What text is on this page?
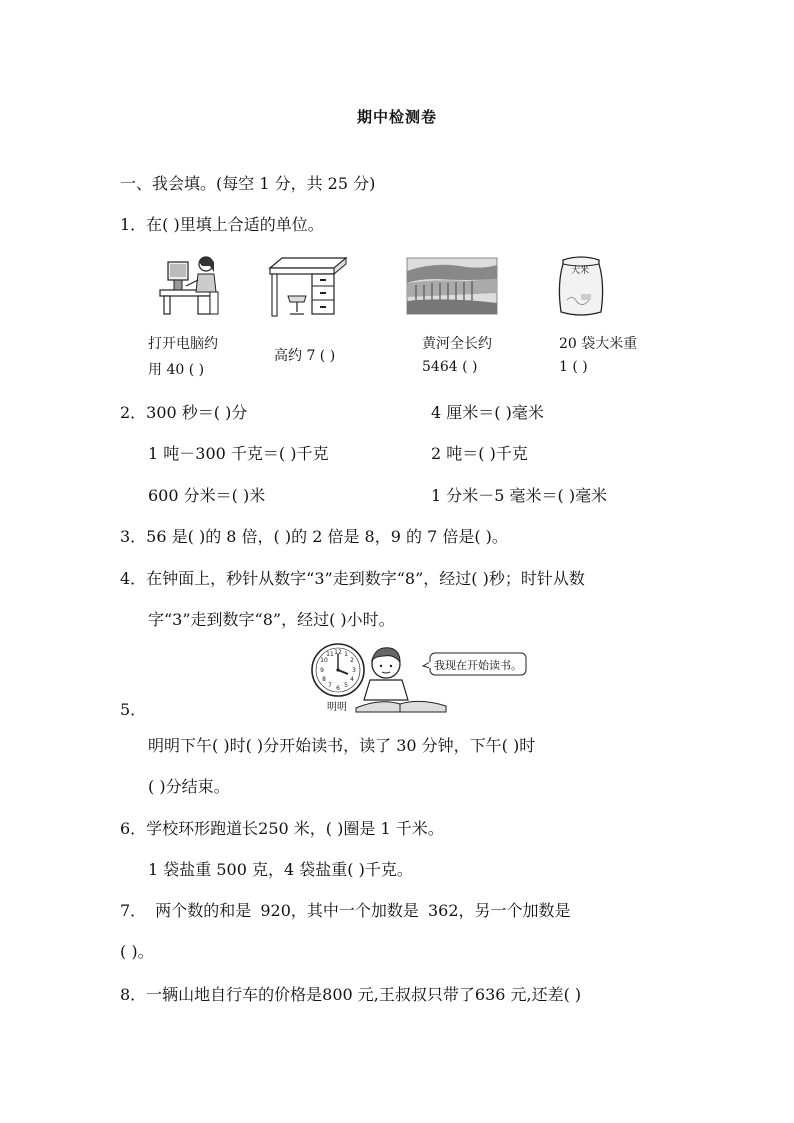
期中检测卷
一、我会填。(每空 1 分，共 25 分)
1．在( )里填上合适的单位。
大米
打开电脑约
用 40 ( )
高约 7 ( )
黄河全长约
5464 ( )
20 袋大米重
1 ( )
2．300 秒＝( )分	4 厘米＝( )毫米
1 吨－300 千克＝( )千克	2 吨＝( )千克
600 分米＝( )米	1 分米－5 毫米＝( )毫米
3．56 是( )的 8 倍，( )的 2 倍是 8，9 的 7 倍是( )。
4．在钟面上，秒针从数字“3”走到数字“8”，经过( )秒；时针从数
字“3”走到数字“8”，经过( )小时。
12 1
2
3
4
5
6
7
8
9
10
11
明明
我现在开始读书。
5．
明明下午( )时( )分开始读书，读了 30 分钟，下午( )时
( )分结束。
6．学校环形跑道长250 米，( )圈是 1 千米。
1 袋盐重 500 克，4 袋盐重( )千克。
7． 两个数的和是 920，其中一个加数是 362，另一个加数是
( )。
8．一辆山地自行车的价格是800 元,王叔叔只带了636 元,还差( )
